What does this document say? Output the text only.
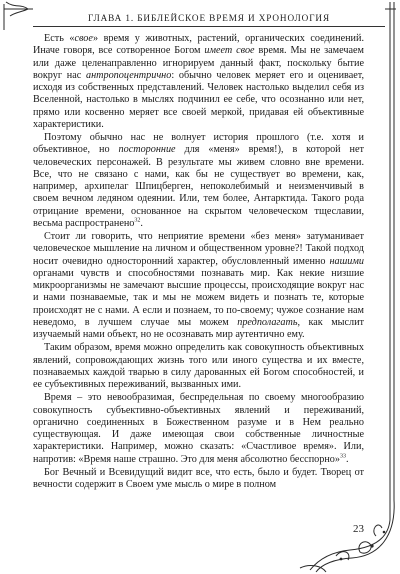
ГЛАВА 1. БИБЛЕЙСКОЕ ВРЕМЯ И ХРОНОЛОГИЯ

Есть «свое» время у животных, растений, органических соединений. Иначе говоря, все сотворенное Богом имеет свое время. Мы не замечаем или даже целенаправленно игнорируем данный факт, поскольку бытие вокруг нас антропоцентрично: обычно человек меряет его и оценивает, исходя из собственных представлений. Человек настолько выделил себя из Вселенной, настолько в мыслях подчинил ее себе, что осознанно или нет, прямо или косвенно меряет все своей меркой, придавая ей объективные характеристики.

Поэтому обычно нас не волнует история прошлого (т.е. хотя и объективное, но посторонние для «меня» время!), в которой нет человеческих персонажей. В результате мы живем словно вне времени. Все, что не связано с нами, как бы не существует во времени, как, например, архипелаг Шпицберген, непоколебимый и неизменчивый в своем вечном ледяном одеянии. Или, тем более, Антарктида. Такого рода отрицание времени, основанное на скрытом человеческом тщеславии, весьма распространено$^{32}$.

Стоит ли говорить, что неприятие времени «без меня» затуманивает человеческое мышление на личном и общественном уровне?! Такой подход носит очевидно односторонний характер, обусловленный именно нашими органами чувств и способностями познавать мир. Как некие низшие микроорганизмы не замечают высшие процессы, происходящие вокруг нас и нами познаваемые, так и мы не можем видеть и познать те, которые происходят не с нами. А если и познаем, то по-своему; чужое сознание нам неведомо, в лучшем случае мы можем предполагать, как мыслит изучаемый нами объект, но не осознавать мир аутентично ему.

Таким образом, время можно определить как совокупность объективных явлений, сопровождающих жизнь того или иного существа и их вместе, познаваемых каждой тварью в силу дарованных ей Богом способностей, и ее субъективных переживаний, вызванных ими.

Время – это невообразимая, беспредельная по своему многообразию совокупность субъективно-объективных явлений и переживаний, органично соединенных в Божественном разуме и в Нем реально существующая. И даже имеющая свои собственные личностные характеристики. Например, можно сказать: «Счастливое время». Или, напротив: «Время наше страшно. Это для меня абсолютно бесспорно»$^{33}$.

Бог Вечный и Всевидущий видит все, что есть, было и будет. Творец от вечности содержит в Своем уме мысль о мире в полном

23
